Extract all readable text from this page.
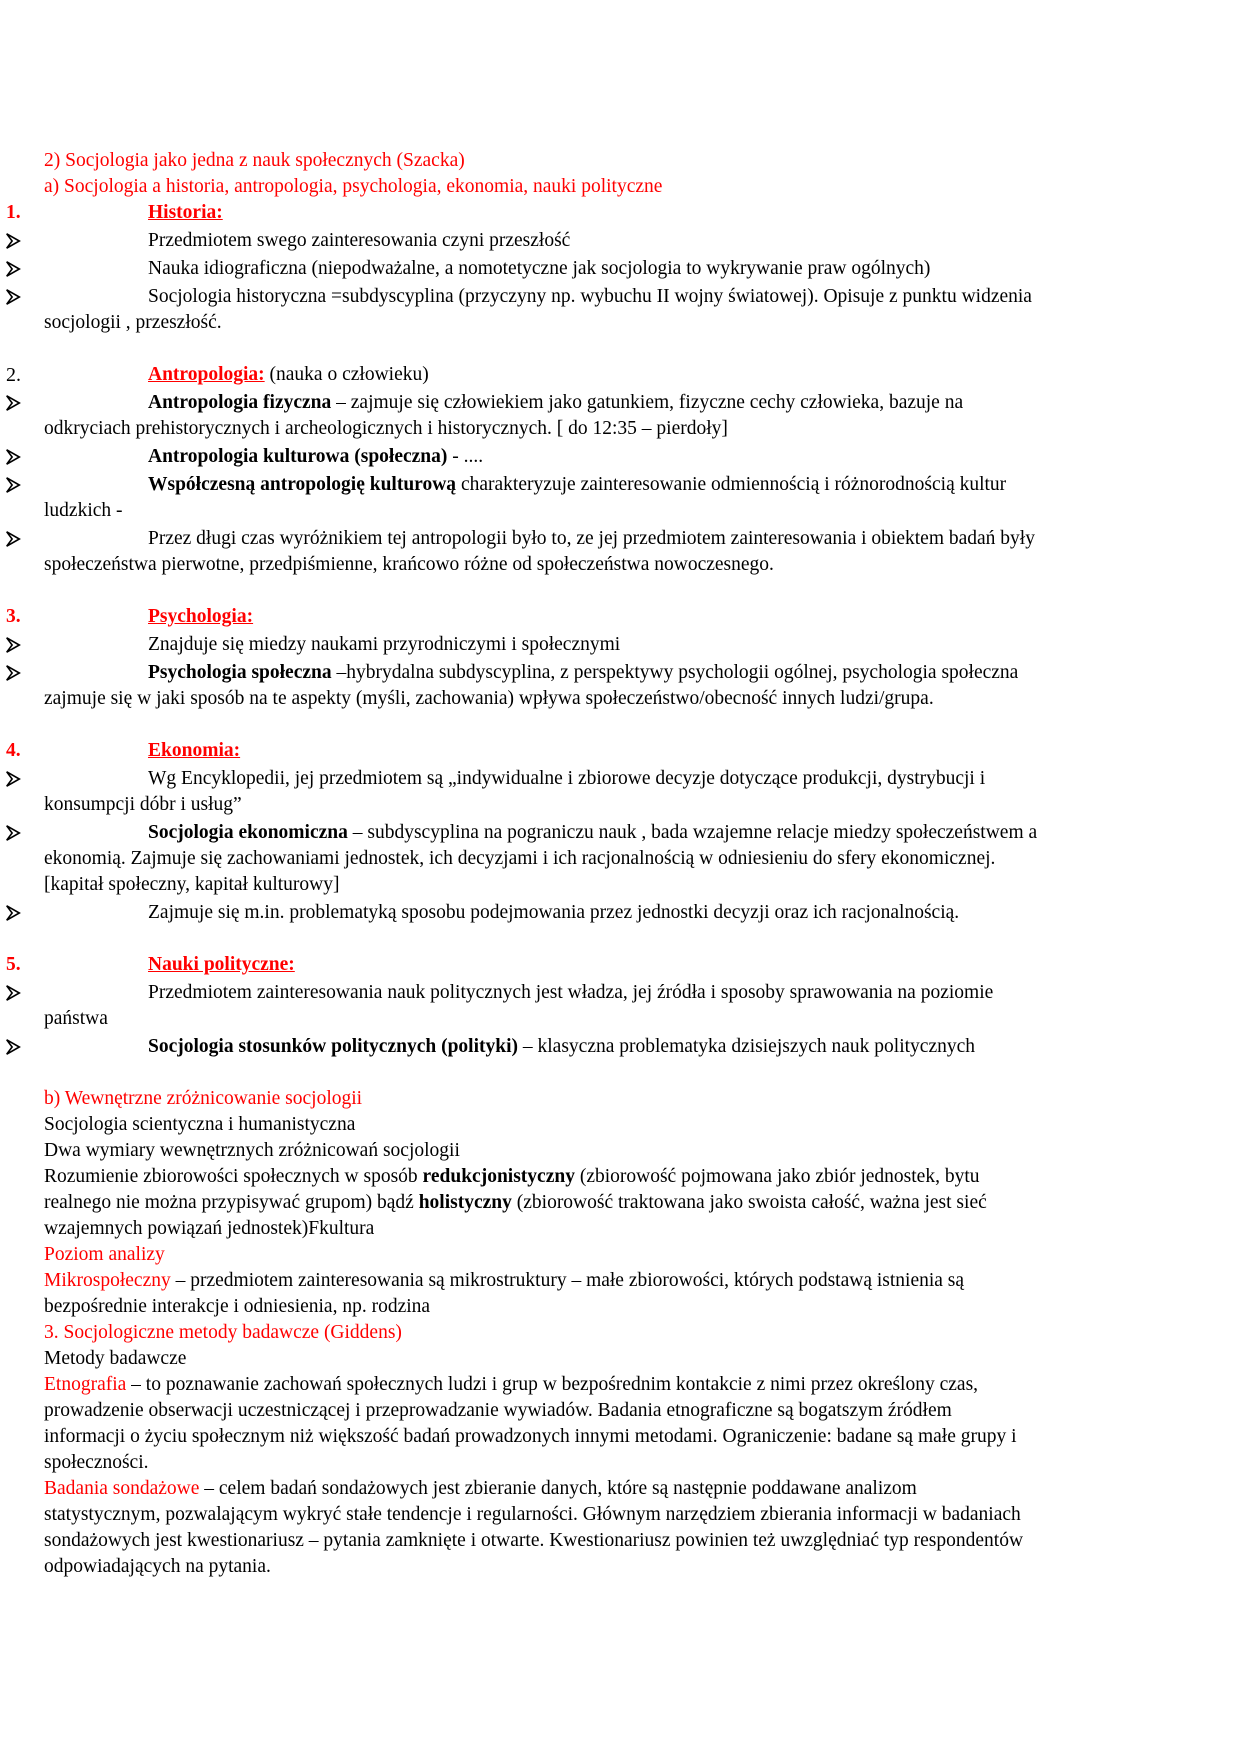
2) Socjologia jako jedna z nauk społecznych (Szacka)
a) Socjologia a historia, antropologia, psychologia, ekonomia, nauki polityczne
1.	Historia:
Przedmiotem swego zainteresowania czyni przeszłość
Nauka idiograficzna (niepodważalne, a nomotetyczne jak socjologia to wykrywanie praw ogólnych)
Socjologia historyczna =subdyscyplina (przyczyny np. wybuchu II wojny światowej). Opisuje z punktu widzenia
socjologii , przeszłość.
2.	Antropologia: (nauka o człowieku)
Antropologia fizyczna – zajmuje się człowiekiem jako gatunkiem, fizyczne cechy człowieka, bazuje na
odkryciach prehistorycznych i archeologicznych i historycznych. [ do 12:35 – pierdoły]
Antropologia kulturowa (społeczna) - ....
Współczesną antropologię kulturową charakteryzuje zainteresowanie odmiennością i różnorodnością kultur
ludzkich -
Przez długi czas wyróżnikiem tej antropologii było to, ze jej przedmiotem zainteresowania i obiektem badań były
społeczeństwa pierwotne, przedpiśmienne, krańcowo różne od społeczeństwa nowoczesnego.
3.	Psychologia:
Znajduje się miedzy naukami przyrodniczymi i społecznymi
Psychologia społeczna –hybrydalna subdyscyplina, z perspektywy psychologii ogólnej, psychologia społeczna
zajmuje się w jaki sposób na te aspekty (myśli, zachowania) wpływa społeczeństwo/obecność innych ludzi/grupa.
4.	Ekonomia:
Wg Encyklopedii, jej przedmiotem są „indywidualne i zbiorowe decyzje dotyczące produkcji, dystrybucji i
konsumpcji dóbr i usług”
Socjologia ekonomiczna – subdyscyplina na pograniczu nauk , bada wzajemne relacje miedzy społeczeństwem a
ekonomią. Zajmuje się zachowaniami jednostek, ich decyzjami i ich racjonalnością w odniesieniu do sfery ekonomicznej.
[kapitał społeczny, kapitał kulturowy]
Zajmuje się m.in. problematyką sposobu podejmowania przez jednostki decyzji oraz ich racjonalnością.
5.	Nauki polityczne:
Przedmiotem zainteresowania nauk politycznych jest władza, jej źródła i sposoby sprawowania na poziomie
państwa
Socjologia stosunków politycznych (polityki) – klasyczna problematyka dzisiejszych nauk politycznych
b) Wewnętrzne zróżnicowanie socjologii
Socjologia scientyczna i humanistyczna
Dwa wymiary wewnętrznych zróżnicowań socjologii
Rozumienie zbiorowości społecznych w sposób redukcjonistyczny (zbiorowość pojmowana jako zbiór jednostek, bytu
realnego nie można przypisywać grupom) bądź holistyczny (zbiorowość traktowana jako swoista całość, ważna jest sieć
wzajemnych powiązań jednostek)Fkultura
Poziom analizy
Mikrospołeczny – przedmiotem zainteresowania są mikrostruktury – małe zbiorowości, których podstawą istnienia są
bezpośrednie interakcje i odniesienia, np. rodzina
3. Socjologiczne metody badawcze (Giddens)
Metody badawcze
Etnografia – to poznawanie zachowań społecznych ludzi i grup w bezpośrednim kontakcie z nimi przez określony czas,
prowadzenie obserwacji uczestniczącej i przeprowadzanie wywiadów. Badania etnograficzne są bogatszym źródłem
informacji o życiu społecznym niż większość badań prowadzonych innymi metodami. Ograniczenie: badane są małe grupy i
społeczności.
Badania sondażowe – celem badań sondażowych jest zbieranie danych, które są następnie poddawane analizom
statystycznym, pozwalającym wykryć stałe tendencje i regularności. Głównym narzędziem zbierania informacji w badaniach
sondażowych jest kwestionariusz – pytania zamknięte i otwarte. Kwestionariusz powinien też uwzględniać typ respondentów
odpowiadających na pytania.
